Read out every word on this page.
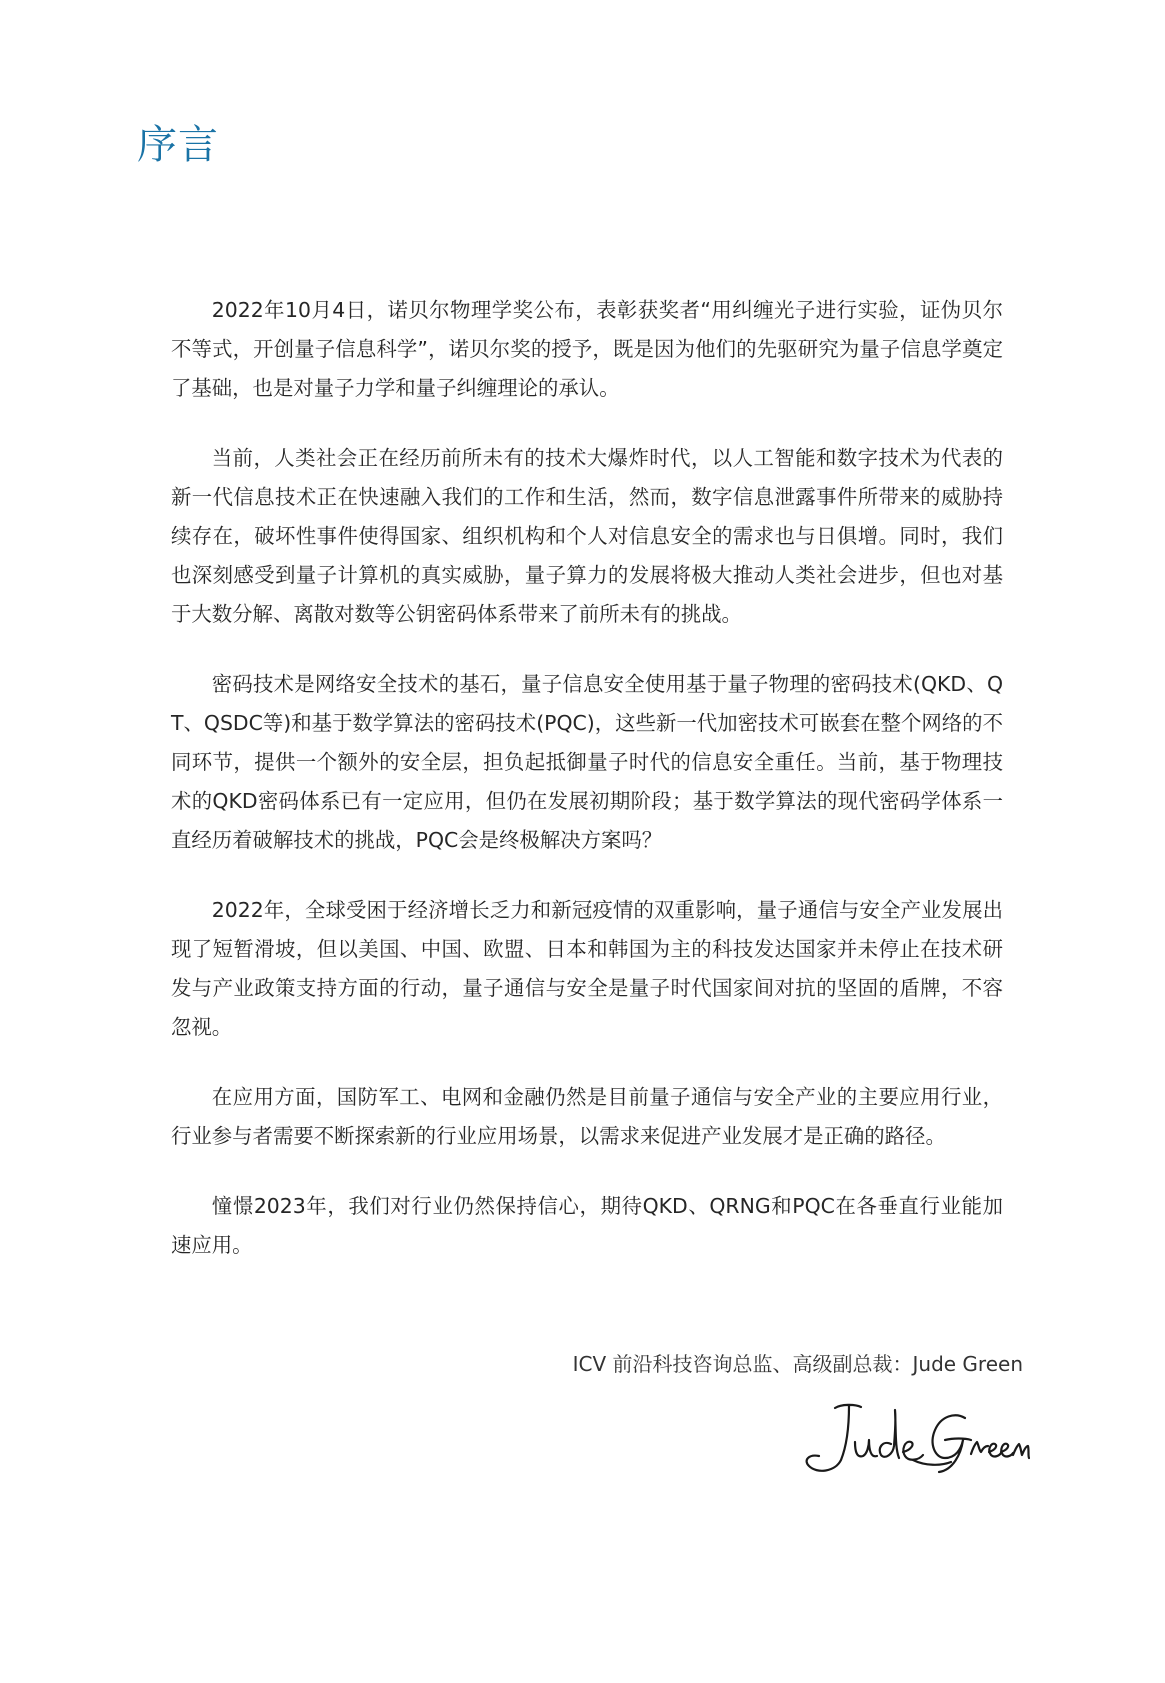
序言

2022年10月4日，诺贝尔物理学奖公布，表彰获奖者“用纠缠光子进行实验，证伪贝尔不等式，开创量子信息科学”，诺贝尔奖的授予，既是因为他们的先驱研究为量子信息学奠定了基础，也是对量子力学和量子纠缠理论的承认。

当前，人类社会正在经历前所未有的技术大爆炸时代，以人工智能和数字技术为代表的新一代信息技术正在快速融入我们的工作和生活，然而，数字信息泄露事件所带来的威胁持续存在，破坏性事件使得国家、组织机构和个人对信息安全的需求也与日俱增。同时，我们也深刻感受到量子计算机的真实威胁，量子算力的发展将极大推动人类社会进步，但也对基于大数分解、离散对数等公钥密码体系带来了前所未有的挑战。

密码技术是网络安全技术的基石，量子信息安全使用基于量子物理的密码技术(QKD、QT、QSDC等)和基于数学算法的密码技术(PQC)，这些新一代加密技术可嵌套在整个网络的不同环节，提供一个额外的安全层，担负起抵御量子时代的信息安全重任。当前，基于物理技术的QKD密码体系已有一定应用，但仍在发展初期阶段；基于数学算法的现代密码学体系一直经历着破解技术的挑战，PQC会是终极解决方案吗？

2022年，全球受困于经济增长乏力和新冠疫情的双重影响，量子通信与安全产业发展出现了短暂滑坡，但以美国、中国、欧盟、日本和韩国为主的科技发达国家并未停止在技术研发与产业政策支持方面的行动，量子通信与安全是量子时代国家间对抗的坚固的盾牌，不容忽视。

在应用方面，国防军工、电网和金融仍然是目前量子通信与安全产业的主要应用行业，行业参与者需要不断探索新的行业应用场景，以需求来促进产业发展才是正确的路径。

憧憬2023年，我们对行业仍然保持信心，期待QKD、QRNG和PQC在各垂直行业能加速应用。

ICV 前沿科技咨询总监、高级副总裁：Jude Green
